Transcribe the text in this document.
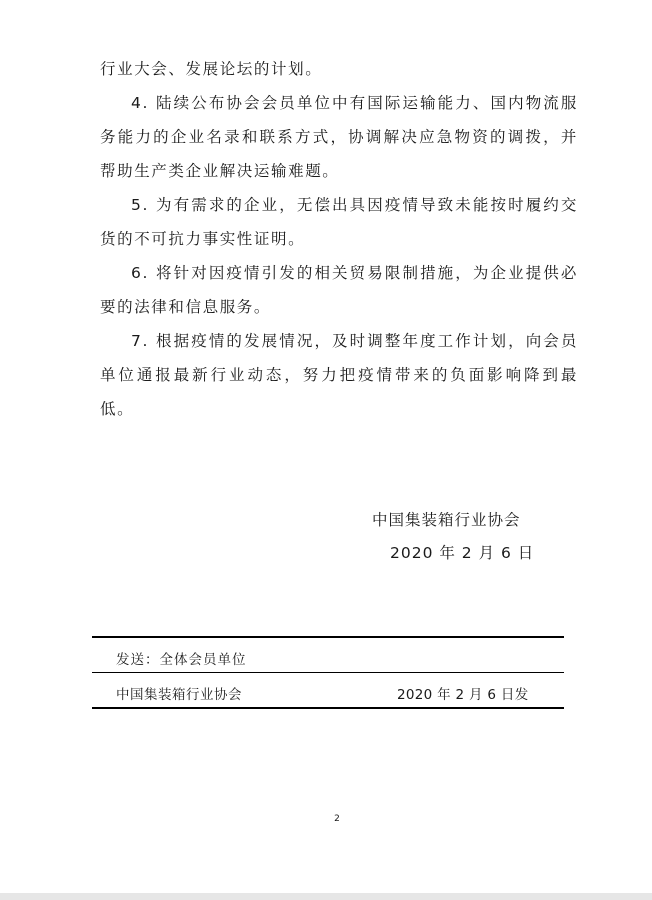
行业大会、发展论坛的计划。

4. 陆续公布协会会员单位中有国际运输能力、国内物流服务能力的企业名录和联系方式，协调解决应急物资的调拨，并帮助生产类企业解决运输难题。

5. 为有需求的企业，无偿出具因疫情导致未能按时履约交货的不可抗力事实性证明。

6. 将针对因疫情引发的相关贸易限制措施，为企业提供必要的法律和信息服务。

7. 根据疫情的发展情况，及时调整年度工作计划，向会员单位通报最新行业动态，努力把疫情带来的负面影响降到最低。

中国集装箱行业协会
2020 年 2 月 6 日
发送：全体会员单位
中国集装箱行业协会	2020 年 2 月 6 日发
2
